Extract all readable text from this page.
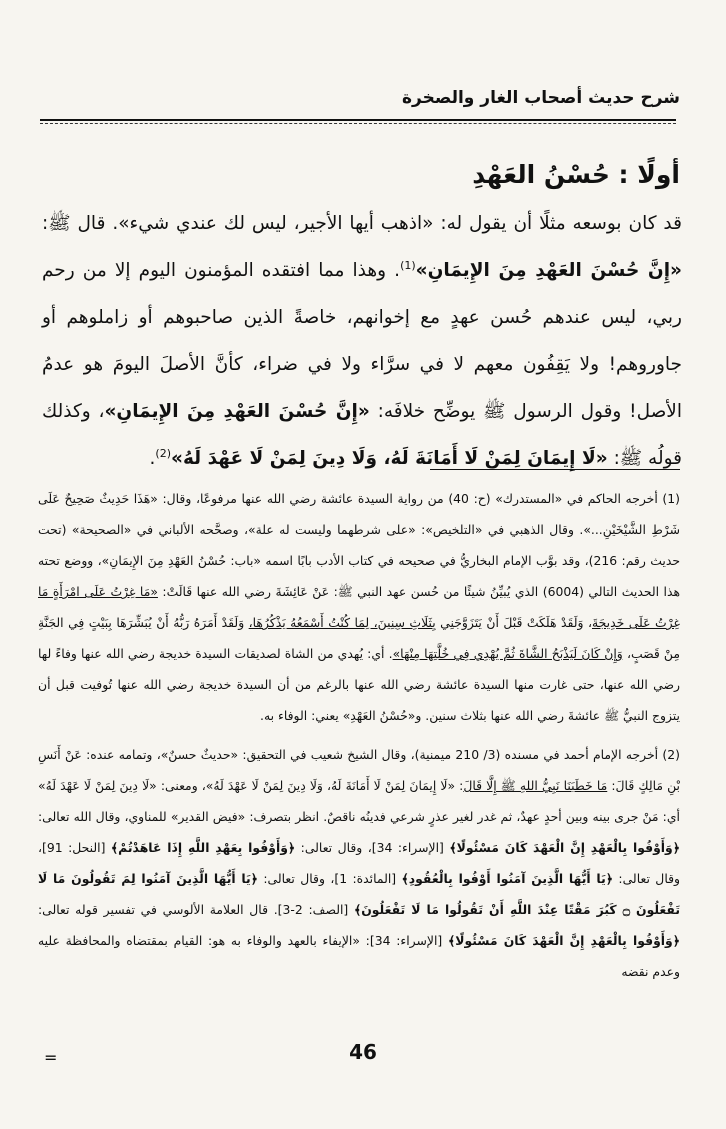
شرح حديث أصحاب الغار والصخرة
أولًا : حُسْنُ العَهْدِ

قد كان بوسعه مثلًا أن يقول له: «اذهب أيها الأجير، ليس لك عندي شيء». قال ﷺ: «إِنَّ حُسْنَ العَهْدِ مِنَ الإِيمَانِ»$^{(1)}$. وهذا مما افتقده المؤمنون اليوم إلا من رحم ربي، ليس عندهم حُسن عهدٍ مع إخوانهم، خاصةً الذين صاحبوهم أو زاملوهم أو جاوروهم! ولا يَقِفُون معهم لا في سرَّاء ولا في ضراء، كأنَّ الأصلَ اليومَ هو عدمُ الأصل! وقول الرسول ﷺ يوضِّح خلافَه: «إِنَّ حُسْنَ العَهْدِ مِنَ الإِيمَانِ»، وكذلك قولُه ﷺ: «لَا إِيمَانَ لِمَنْ لَا أَمَانَةَ لَهُ، وَلَا دِينَ لِمَنْ لَا عَهْدَ لَهُ»$^{(2)}$.

(1) أخرجه الحاكم في «المستدرك» (ح: 40) من رواية السيدة عائشة رضي الله عنها مرفوعًا، وقال: «هَذَا حَدِيثٌ صَحِيحٌ عَلَى شَرْطِ الشَّيْخَيْنِ...». وقال الذهبي في «التلخيص»: «على شرطهما وليست له علة»، وصحَّحه الألباني في «الصحيحة» (تحت حديث رقم: 216)، وقد بوَّب الإمام البخاريُّ في صحيحه في كتاب الأدب بابًا اسمه «باب: حُسْنُ العَهْدِ مِنَ الإِيمَانِ»، ووضع تحته هذا الحديث التالي (6004) الذي يُبيِّنُ شيئًا من حُسن عهد النبي ﷺ: عَنْ عَائِشَةَ رضي الله عنها قَالَتْ: «مَا غِرْتُ عَلَى امْرَأَةٍ مَا غِرْتُ عَلَى خَدِيجَةَ، وَلَقَدْ هَلَكَتْ قَبْلَ أَنْ يَتَزَوَّجَنِي بِثَلَاثِ سِنِينَ، لِمَا كُنْتُ أَسْمَعُهُ يَذْكُرُهَا، وَلَقَدْ أَمَرَهُ رَبُّهُ أَنْ يُبَشِّرَهَا بِبَيْتٍ فِي الجَنَّةِ مِنْ قَصَبٍ، وَإِنْ كَانَ لَيَذْبَحُ الشَّاةَ ثُمَّ يُهْدِي فِي خُلَّتِهَا مِنْهَا». أي: يُهدي من الشاة لصديقات السيدة خديجة رضي الله عنها وفاءً لها رضي الله عنها، حتى غارت منها السيدة عائشة رضي الله عنها بالرغم من أن السيدة خديجة رضي الله عنها تُوفيت قبل أن يتزوج النبيُّ ﷺ عائشةَ رضي الله عنها بثلاث سنين. و«حُسْنُ العَهْدِ» يعني: الوفاء به.

(2) أخرجه الإمام أحمد في مسنده (3/ 210 ميمنية)، وقال الشيخ شعيب في التحقيق: «حديثٌ حسنٌ»، وتمامه عنده: عَنْ أَنَسِ بْنِ مَالِكٍ قَالَ: مَا خَطَبَنَا نَبِيُّ اللهِ ﷺ إِلَّا قَالَ: «لَا إِيمَانَ لِمَنْ لَا أَمَانَةَ لَهُ، وَلَا دِينَ لِمَنْ لَا عَهْدَ لَهُ»، ومعنى: «لَا دِينَ لِمَنْ لَا عَهْدَ لَهُ» أي: مَنْ جرى بينه وبين أحدٍ عهدٌ، ثم غدر لغير عذرٍ شرعي فدينُه ناقصٌ. انظر بتصرف: «فيض القدير» للمناوي، وقال الله تعالى: ﴿وَأَوْفُوا بِالْعَهْدِ إِنَّ الْعَهْدَ كَانَ مَسْئُولًا﴾ [الإسراء: 34]، وقال تعالى: ﴿وَأَوْفُوا بِعَهْدِ اللَّهِ إِذَا عَاهَدْتُمْ﴾ [النحل: 91]، وقال تعالى: ﴿يَا أَيُّهَا الَّذِينَ آمَنُوا أَوْفُوا بِالْعُقُودِ﴾ [المائدة: 1]، وقال تعالى: ﴿يَا أَيُّهَا الَّذِينَ آمَنُوا لِمَ تَقُولُونَ مَا لَا تَفْعَلُونَ ۝ كَبُرَ مَقْتًا عِنْدَ اللَّهِ أَنْ تَقُولُوا مَا لَا تَفْعَلُونَ﴾ [الصف: 2-3]. قال العلامة الألوسي في تفسير قوله تعالى: ﴿وَأَوْفُوا بِالْعَهْدِ إِنَّ الْعَهْدَ كَانَ مَسْئُولًا﴾ [الإسراء: 34]: «الإيفاء بالعهد والوفاء به هو: القيام بمقتضاه والمحافظة عليه وعدم نقضه

46
=
